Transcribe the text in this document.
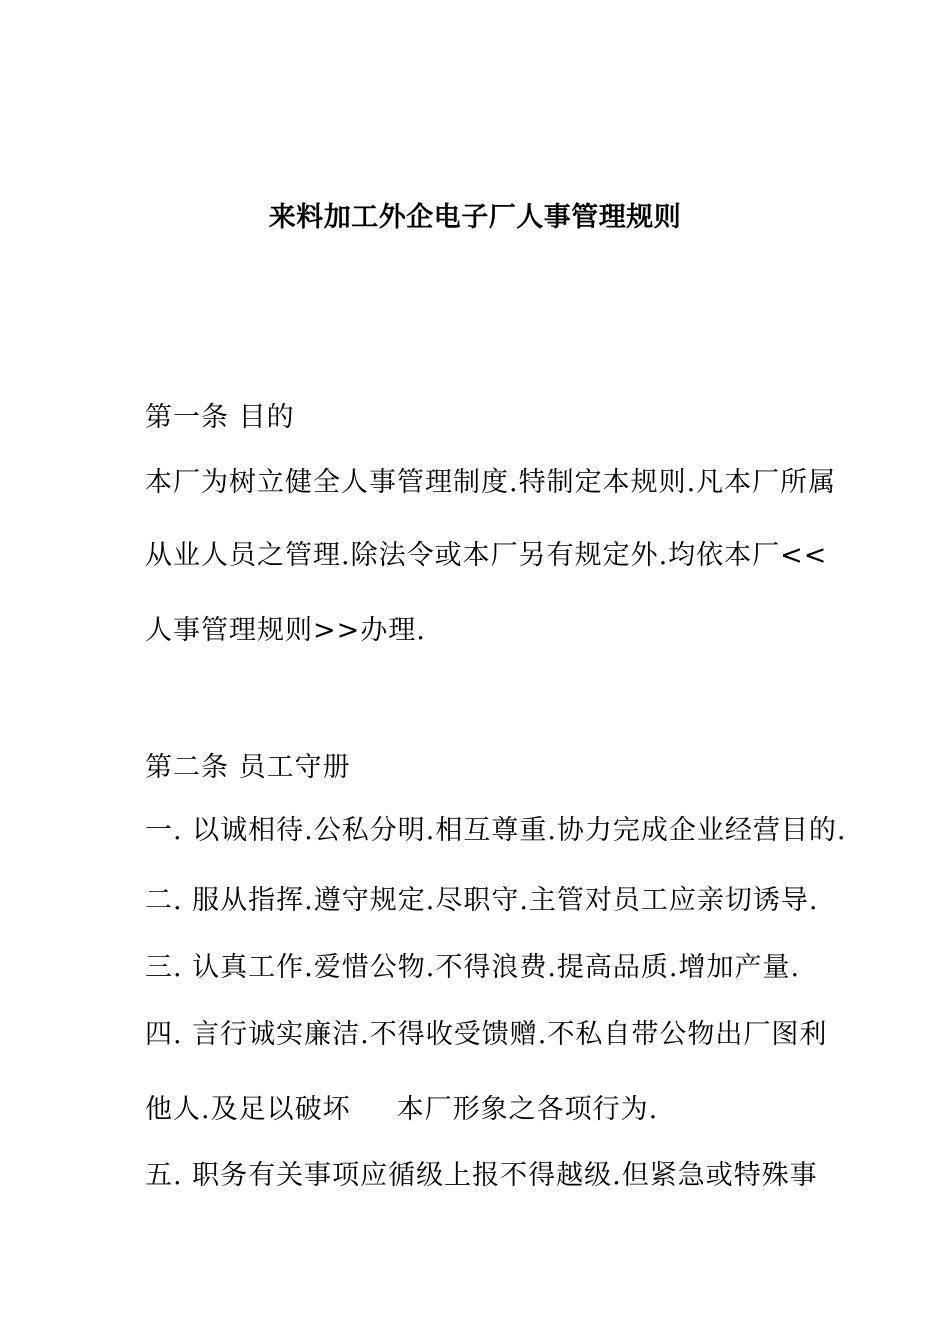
来料加工外企电子厂人事管理规则
第一条 目的
本厂为树立健全人事管理制度.特制定本规则.凡本厂所属
从业人员之管理.除法令或本厂另有规定外.均依本厂<<
人事管理规则>>办理.
第二条 员工守册
一. 以诚相待.公私分明.相互尊重.协力完成企业经营目的.
二. 服从指挥.遵守规定.尽职守.主管对员工应亲切诱导.
三. 认真工作.爱惜公物.不得浪费.提高品质.增加产量.
四. 言行诚实廉洁.不得收受馈赠.不私自带公物出厂图利
他人.及足以破坏 本厂形象之各项行为.
五. 职务有关事项应循级上报不得越级.但紧急或特殊事
